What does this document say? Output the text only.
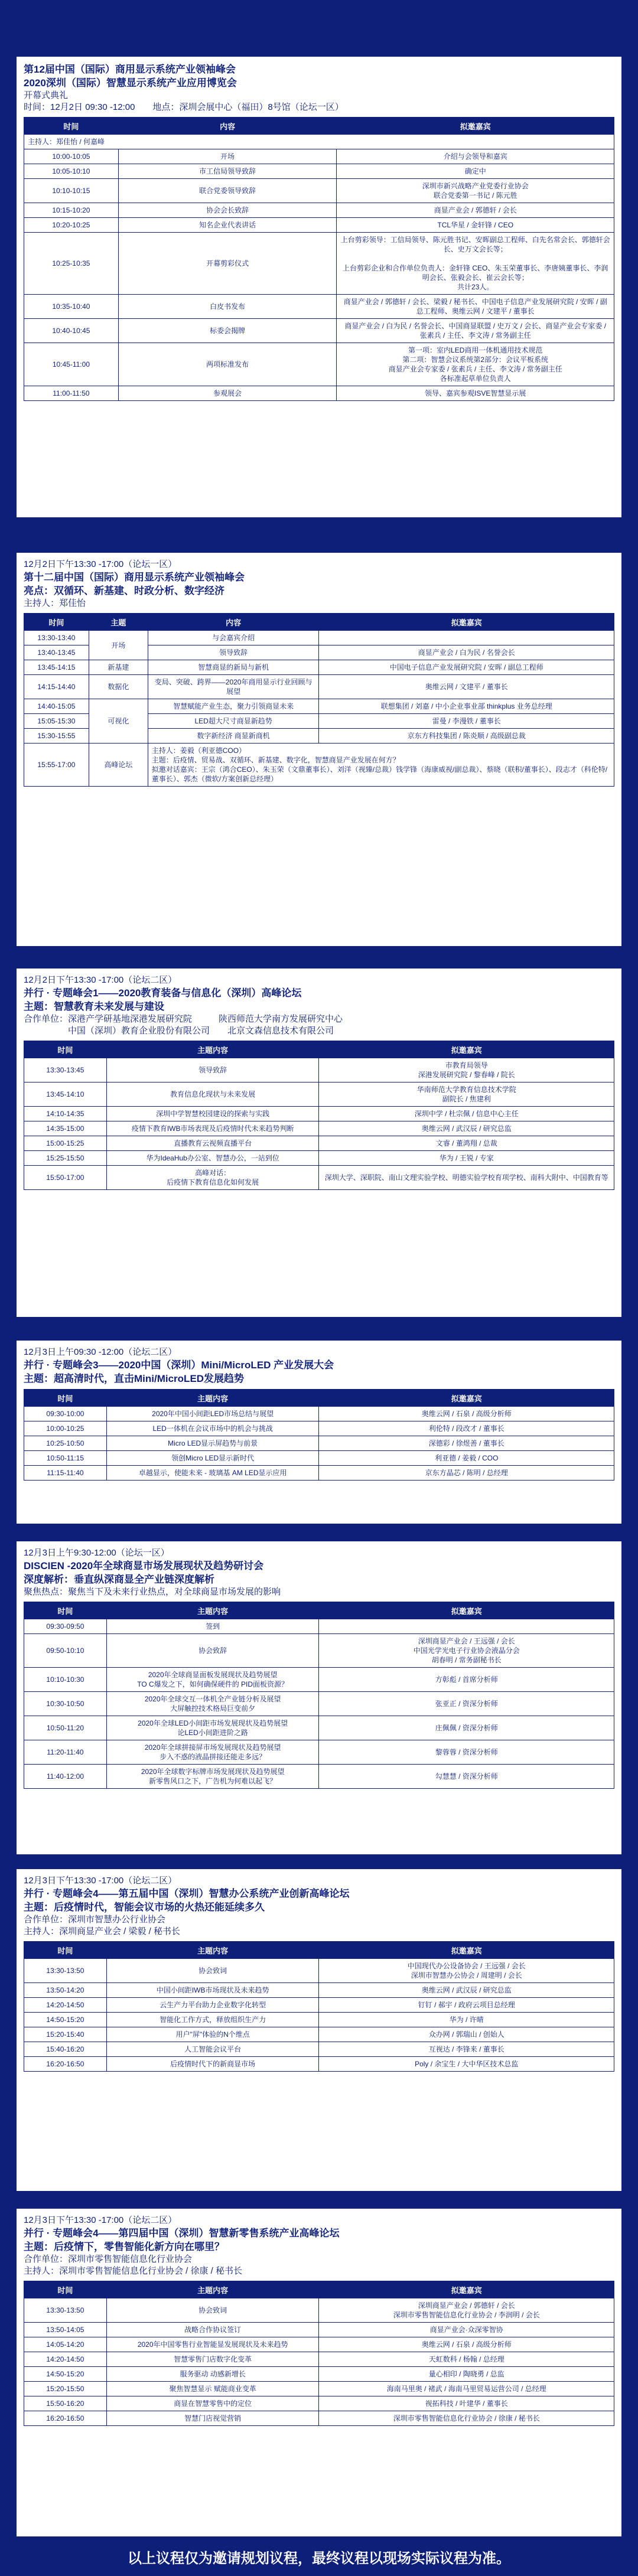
第12届中国（国际）商用显示系统产业领袖峰会
2020深圳（国际）智慧显示系统产业应用博览会
开幕式典礼
时间：12月2日 09:30 -12:00　　地点：深圳会展中心（福田）8号馆（论坛一区）
时间	内容	拟邀嘉宾
主持人：郑佳怡 / 何嘉峰		
10:00-10:05	开场	介绍与会领导和嘉宾
10:05-10:10	市工信局领导致辞	确定中
10:10-10:15	联合党委领导致辞	深圳市新兴战略产业党委行业协会
联合党委第一书记 / 陈元胜
10:15-10:20	协会会长致辞	商显产业会 / 郭德轩 / 会长
10:20-10:25	知名企业代表讲话	TCL华星 / 金轩锋 / CEO
10:25-10:35	开幕剪彩仪式	上台剪彩领导：工信局领导、陈元胜书记、安晖副总工程师、白先名常会长、郭德轩会长、史万文会长等；

上台剪彩企业和合作单位负责人：金轩锋 CEO、朱玉荣董事长、李唐姨董事长、李润明会长、张毅会长、崔云会长等；
共计23人。
10:35-10:40	白皮书发布	商显产业会 / 郭德轩 / 会长、梁毅 / 秘书长、中国电子信息产业发展研究院 / 安晖 / 副总工程师、奥维云网 / 文建平 / 董事长
10:40-10:45	标委会揭牌	商显产业会 / 白为民 / 名誉会长、中国商显联盟 / 史万文 / 会长、商显产业会专家委 / 张素兵 / 主任、李文涛 / 常务副主任
10:45-11:00	两项标准发布	第一项：室内LED商用一体机通用技术规范
第二项：智慧会议系统第2部分：会议平板系统
商显产业会专家委 / 张素兵 / 主任、李文涛 / 常务副主任
各标准起草单位负责人
11:00-11:50	参观展会	领导、嘉宾参观ISVE智慧显示展
12月2日下午13:30 -17:00（论坛一区）
第十二届中国（国际）商用显示系统产业领袖峰会
亮点：双循环、新基建、时政分析、数字经济
主持人：郑佳怡
时间	主题	内容	拟邀嘉宾
13:30-13:40	开场	与会嘉宾介绍	
13:40-13:45		领导致辞	商显产业会 / 白为民 / 名誉会长
13:45-14:15	新基建	智慧商显的新局与新机	中国电子信息产业发展研究院 / 安晖 / 副总工程师
14:15-14:40	数据化	变局、突破、跨界——2020年商用显示行业回顾与展望	奥维云网 / 文建平 / 董事长
14:40-15:05	可视化	智慧赋能产业生态，聚力引领商显未来	联想集团 / 刘嘉 / 中小企业事业部 thinkplus 业务总经理
15:05-15:30		LED超大尺寸商显新趋势	雷曼 / 李漫铁 / 董事长
15:30-15:55		数字新经济 商显新商机	京东方科技集团 / 陈炎顺 / 高级副总裁
15:55-17:00	高峰论坛	主持人：姜毅（利亚德COO）
主题：后疫情、贸易战、双循环、新基建、数字化，智慧商显产业发展在何方？
拟邀对话嘉宾：王宗（鸿合CEO）、朱玉荣（文鼎董事长）、刘洋（视臻/总裁）钱学锋（海康威视/副总裁）、蔡晓（联积/董事长）、段志才（科伦特/董事长）、郭杰（微软/方案创新总经理）	
12月2日下午13:30 -17:00（论坛二区）
并行 · 专题峰会1——2020教育装备与信息化（深圳）高峰论坛
主题：智慧教育未来发展与建设
合作单位：深港产学研基地深港发展研究院　　　陕西师范大学南方发展研究中心
　　　　　中国（深圳）教育企业股份有限公司　　北京文森信息技术有限公司
时间	主题内容	拟邀嘉宾
13:30-13:45	领导致辞	市教育局领导
深港发展研究院 / 黎春峰 / 院长
13:45-14:10	教育信息化现状与未来发展	华南师范大学教育信息技术学院
副院长 / 焦建利
14:10-14:35	深圳中学智慧校园建设的探索与实践	深圳中学 / 杜宗佩 / 信息中心主任
14:35-15:00	疫情下教育IWB市场表现及后疫情时代未来趋势判断	奥维云网 / 武汉辰 / 研究总监
15:00-15:25	直播教育云视频直播平台	文睿 / 董鸿翔 / 总裁
15:25-15:50	华为IdeaHub办公室、智慧办公，一站到位	华为 / 王锐 / 专家
15:50-17:00	高峰对话：
后疫情下教育信息化如何发展	深圳大学、深职院、南山文理实验学校、明德实验学校育项学校、南科大附中、中国教育等
12月3日上午09:30 -12:00（论坛二区）
并行 · 专题峰会3——2020中国（深圳）Mini/MicroLED 产业发展大会
主题：超高清时代，直击Mini/MicroLED发展趋势
时间	主题内容	拟邀嘉宾
09:30-10:00	2020年中国小间距LED市场总结与展望	奥维云网 / 石泉 / 高级分析师
10:00-10:25	LED一体机在会议市场中的机会与挑战	利伦特 / 段改才 / 董事长
10:25-10:50	Micro LED显示屏趋势与前景	深德彩 / 徐煜善 / 董事长
10:50-11:15	领创Micro LED显示新时代	利亚德 / 姜毅 / COO
11:15-11:40	卓越显示，使能未来 - 玻璃基 AM LED显示应用	京东方晶芯 / 陈明 / 总经理
12月3日上午9:30-12:00（论坛一区）
DISCIEN -2020年全球商显市场发展现状及趋势研讨会
深度解析：垂直纵深商显全产业链深度解析
聚焦热点：聚焦当下及未来行业热点，对全球商显市场发展的影响
时间	主题内容	拟邀嘉宾
09:30-09:50	签到	
09:50-10:10	协会致辞	深圳商显产业会 / 王远强 / 会长
中国光学光电子行业协会液晶分会
胡春明 / 常务副秘书长
10:10-10:30	2020年全球商显面板发展现状及趋势展望
TO C爆发之下，如何确保硬件的 PID面板资源？	方彰彪 / 首席分析师
10:30-10:50	2020年全球交互一体机全产业链分析及展望
大屏触控技术格局巨变前夕	张亚正 / 资深分析师
10:50-11:20	2020年全球LED小间距市场发展现状及趋势展望
论LED小间距进阶之路	庄佩佩 / 资深分析师
11:20-11:40	2020年全球拼接屏市场发展现状及趋势展望
步入不惑的液晶拼接还能走多远？	黎蓉蓉 / 资深分析师
11:40-12:00	2020年全球数字标牌市场发展现状及趋势展望
新零售风口之下，广告机为何难以起飞？	勾慧慧 / 资深分析师
12月3日下午13:30 -17:00（论坛二区）
并行 · 专题峰会4——第五届中国（深圳）智慧办公系统产业创新高峰论坛
主题：后疫情时代，智能会议市场的火热还能延续多久
合作单位：深圳市智慧办公行业协会
主持人：深圳商显产业会 / 梁毅 / 秘书长
时间	主题内容	拟邀嘉宾
13:30-13:50	协会致词	中国现代办公设备协会 / 王远强 / 会长
深圳市智慧办公协会 / 周建明 / 会长
13:50-14:20	中国小间距IWB市场现状及未来趋势	奥维云网 / 武汉辰 / 研究总监
14:20-14:50	云生产力平台助力企业数字化转型	钉钉 / 郝宇 / 政府云项目总经理
14:50-15:20	智能化工作方式，释放组织生产力	华为 / 许晴
15:20-15:40	用户"屏"体验的N个维点	众办网 / 郭瑞山 / 创始人
15:40-16:20	人工智能会议平台	互视达 / 李锋来 / 董事长
16:20-16:50	后疫情时代下的新商显市场	Poly / 余宝生 / 大中华区技术总监
12月3日下午13:30 -17:00（论坛二区）
并行 · 专题峰会4——第四届中国（深圳）智慧新零售系统产业高峰论坛
主题：后疫情下，零售智能化新方向在哪里？
合作单位：深圳市零售智能信息化行业协会
主持人：深圳市零售智能信息化行业协会 / 徐康 / 秘书长
时间	主题内容	拟邀嘉宾
13:30-13:50	协会致词	深圳商显产业会 / 郭德轩 / 会长
深圳市零售智能信息化行业协会 / 李润明 / 会长
13:50-14:05	战略合作协议签订	商显产业会·众深零智协
14:05-14:20	2020年中国零售行业智能显发展现状及未来趋势	奥维云网 / 石泉 / 高级分析师
14:20-14:50	智慧零售门店数字化变革	天虹数科 / 杨翰 / 总经理
14:50-15:20	服务驱动 动感新增长	量心相印 / 陶晓勇 / 总监
15:20-15:50	聚焦智慧显示 赋能商业变革	海南马里奥 / 褚武 / 海南马里贸易运营公司 / 总经理
15:50-16:20	商显在智慧零售中的定位	视拓科技 / 叶建华 / 董事长
16:20-16:50	智慧门店视觉营销	深圳市零售智能信息化行业协会 / 徐康 / 秘书长
以上议程仅为邀请规划议程，最终议程以现场实际议程为准。
